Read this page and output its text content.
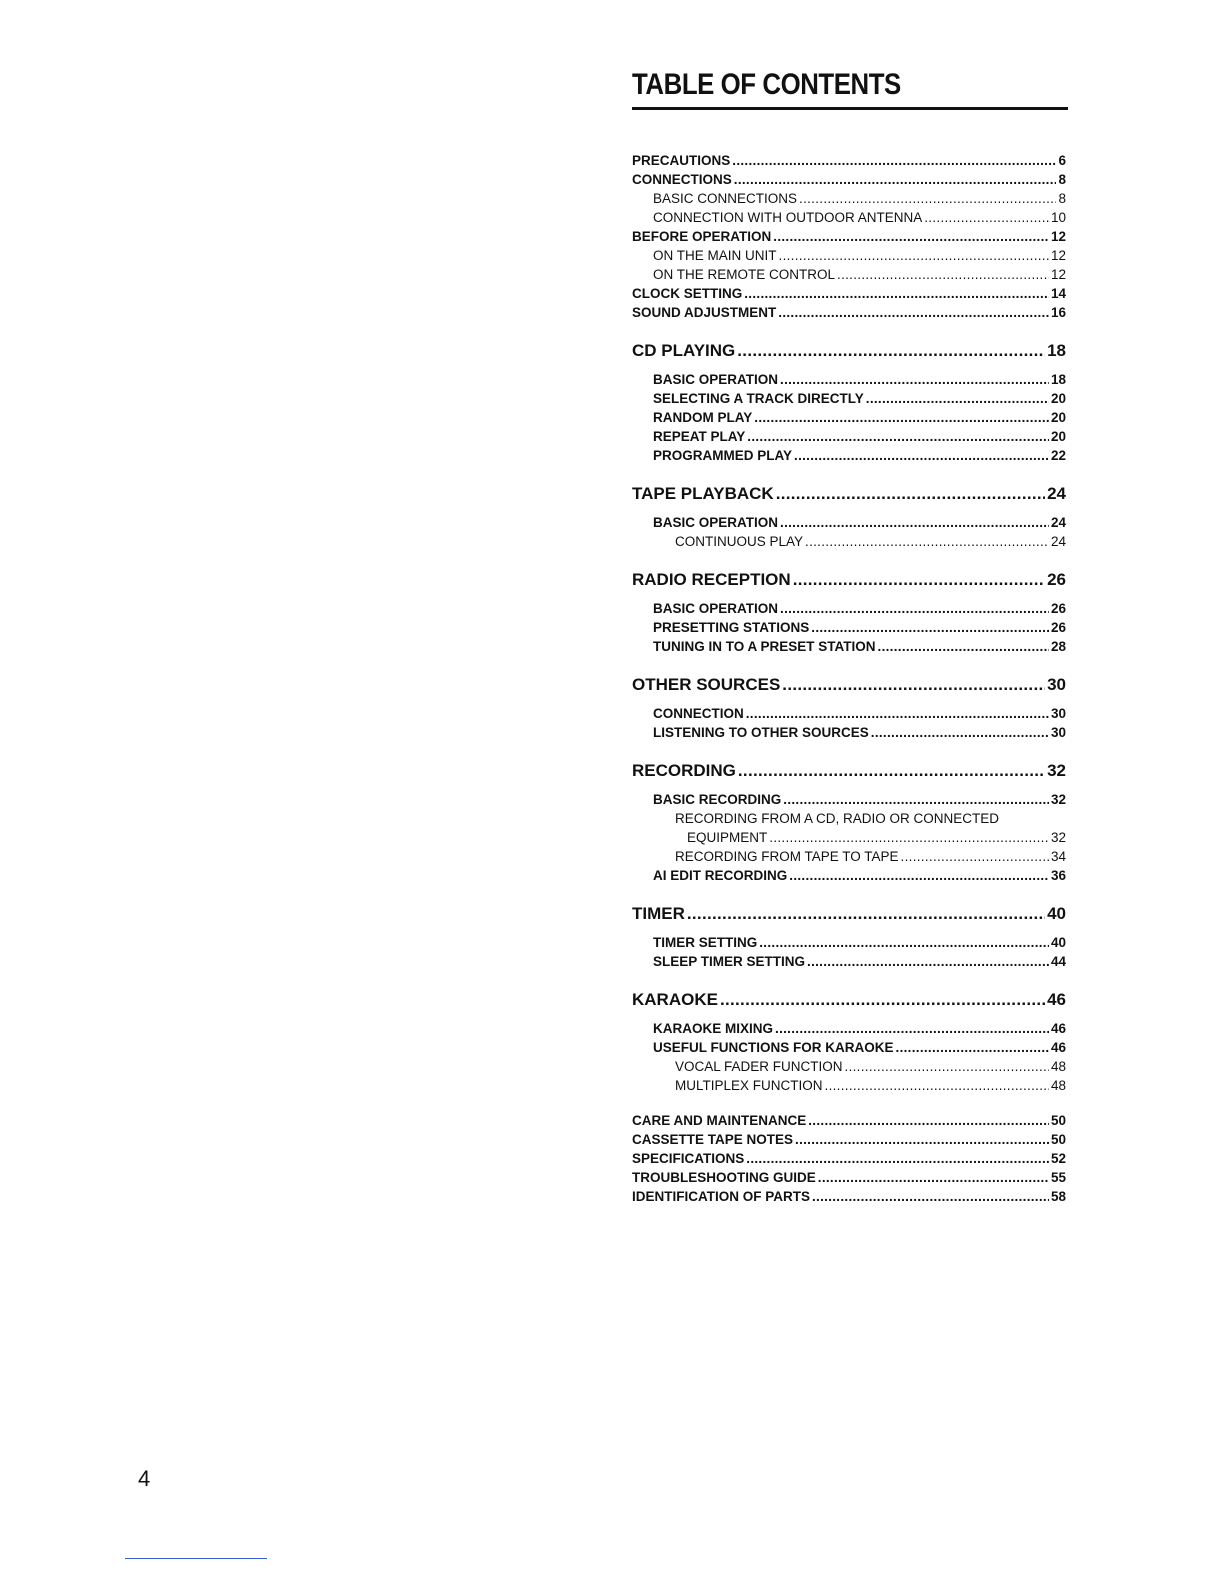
TABLE OF CONTENTS
PRECAUTIONS .....	6
CONNECTIONS .....	8
BASIC CONNECTIONS .....	8
CONNECTION WITH OUTDOOR ANTENNA .....	10
BEFORE OPERATION .....	12
ON THE MAIN UNIT .....	12
ON THE REMOTE CONTROL .....	12
CLOCK SETTING .....	14
SOUND ADJUSTMENT .....	16
CD PLAYING .....	18
BASIC OPERATION .....	18
SELECTING A TRACK DIRECTLY .....	20
RANDOM PLAY .....	20
REPEAT PLAY .....	20
PROGRAMMED PLAY .....	22
TAPE PLAYBACK .....	24
BASIC OPERATION .....	24
CONTINUOUS PLAY .....	24
RADIO RECEPTION .....	26
BASIC OPERATION .....	26
PRESETTING STATIONS .....	26
TUNING IN TO A PRESET STATION .....	28
OTHER SOURCES .....	30
CONNECTION .....	30
LISTENING TO OTHER SOURCES .....	30
RECORDING .....	32
BASIC RECORDING .....	32
RECORDING FROM A CD, RADIO OR CONNECTED
EQUIPMENT .....	32
RECORDING FROM TAPE TO TAPE .....	34
AI EDIT RECORDING .....	36
TIMER .....	40
TIMER SETTING .....	40
SLEEP TIMER SETTING .....	44
KARAOKE .....	46
KARAOKE MIXING .....	46
USEFUL FUNCTIONS FOR KARAOKE .....	46
VOCAL FADER FUNCTION .....	48
MULTIPLEX FUNCTION .....	48
CARE AND MAINTENANCE .....	50
CASSETTE TAPE NOTES .....	50
SPECIFICATIONS .....	52
TROUBLESHOOTING GUIDE .....	55
IDENTIFICATION OF PARTS .....	58
4
